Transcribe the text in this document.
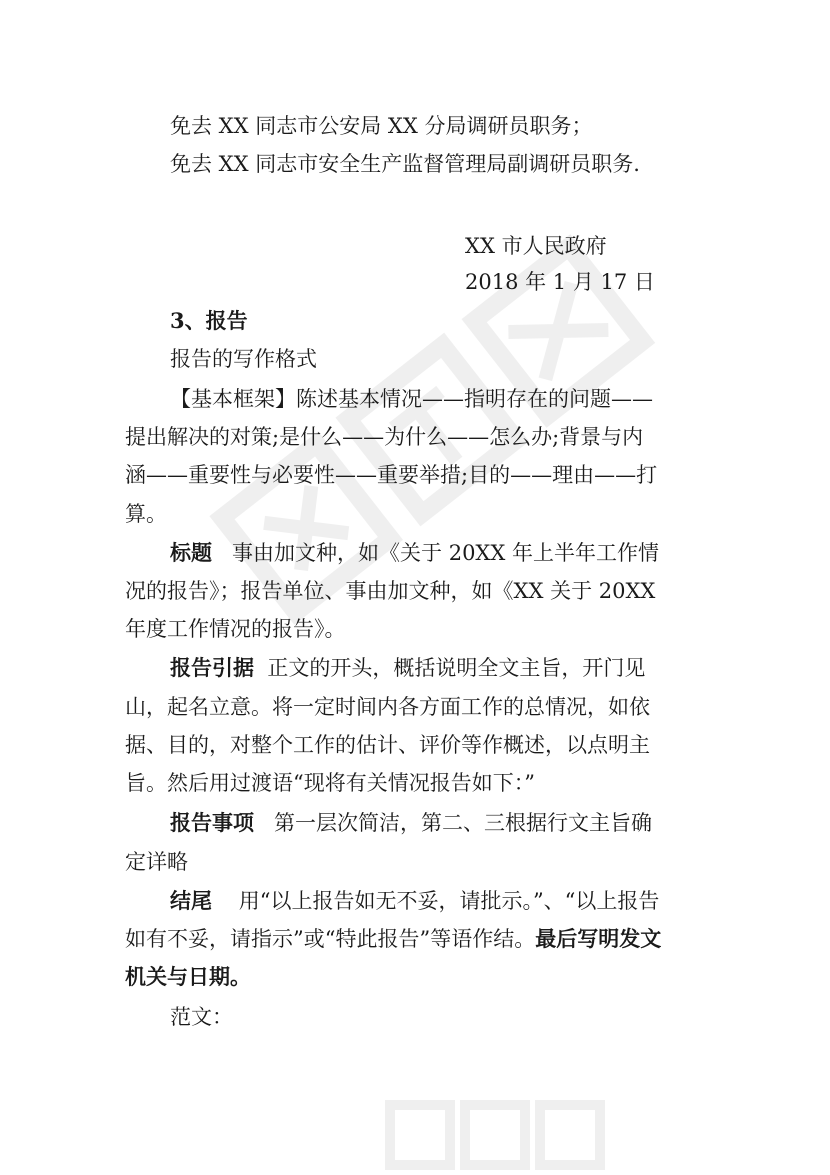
免去 XX 同志市公安局 XX 分局调研员职务；
免去 XX 同志市安全生产监督管理局副调研员职务.
XX 市人民政府
2018 年 1 月 17 日
3、报告
报告的写作格式
【基本框架】陈述基本情况——指明存在的问题——
提出解决的对策;是什么——为什么——怎么办;背景与内
涵——重要性与必要性——重要举措;目的——理由——打
算。
标题 事由加文种，如《关于 20XX 年上半年工作情
况的报告》；报告单位、事由加文种，如《XX 关于 20XX
年度工作情况的报告》。
报告引据 正文的开头，概括说明全文主旨，开门见
山，起名立意。将一定时间内各方面工作的总情况，如依
据、目的，对整个工作的估计、评价等作概述，以点明主
旨。然后用过渡语“现将有关情况报告如下：”
报告事项 第一层次简洁，第二、三根据行文主旨确
定详略
结尾 用“以上报告如无不妥，请批示。”、“以上报告
如有不妥，请指示”或“特此报告”等语作结。最后写明发文
机关与日期。
范文：
